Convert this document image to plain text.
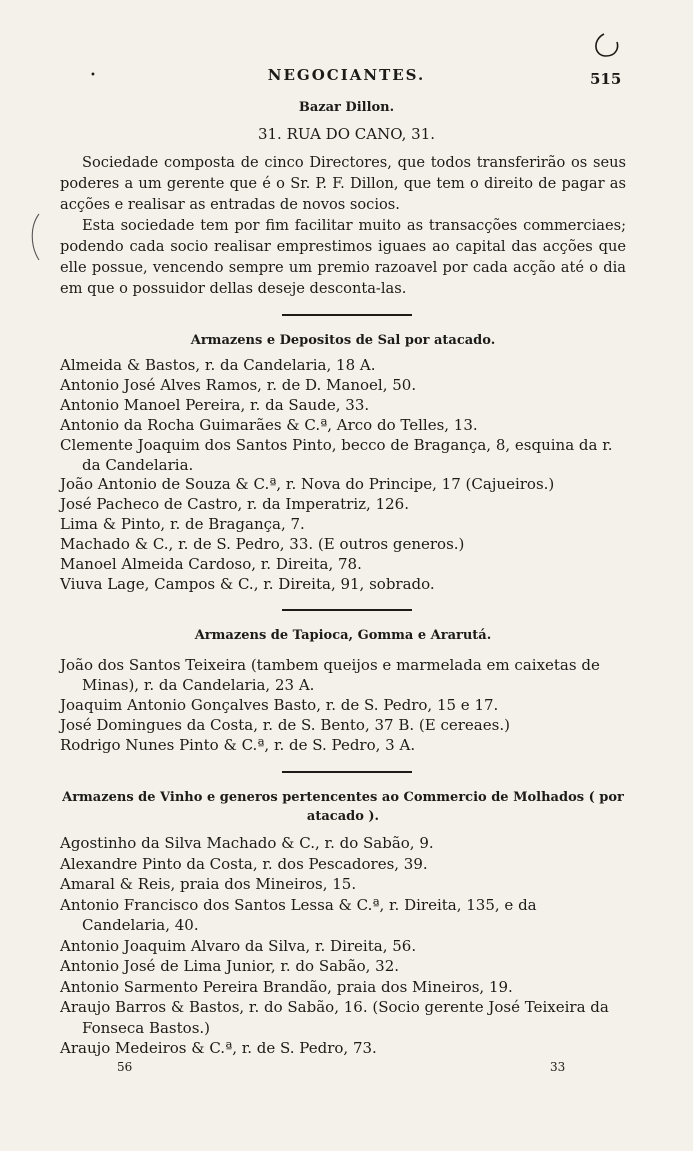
•	NEGOCIANTES.	515
Bazar Dillon.
31. RUA DO CANO, 31.

Sociedade composta de cinco Directores, que todos transferirão os seus poderes a um gerente que é o Sr. P. F. Dillon, que tem o direito de pagar as acções e realisar as entradas de novos socios.

Esta sociedade tem por fim facilitar muito as transacções commerciaes; podendo cada socio realisar emprestimos iguaes ao capital das acções que elle possue, vencendo sempre um premio razoavel por cada acção até o dia em que o possuidor dellas deseje desconta-las.

Armazens e Depositos de Sal por atacado.
Almeida & Bastos, r. da Candelaria, 18 A.
Antonio José Alves Ramos, r. de D. Manoel, 50.
Antonio Manoel Pereira, r. da Saude, 33.
Antonio da Rocha Guimarães & C.ª, Arco do Telles, 13.
Clemente Joaquim dos Santos Pinto, becco de Bragança, 8, esquina da r. da Candelaria.
João Antonio de Souza & C.ª, r. Nova do Principe, 17 (Cajueiros.)
José Pacheco de Castro, r. da Imperatriz, 126.
Lima & Pinto, r. de Bragança, 7.
Machado & C., r. de S. Pedro, 33. (E outros generos.)
Manoel Almeida Cardoso, r. Direita, 78.
Viuva Lage, Campos & C., r. Direita, 91, sobrado.
Armazens de Tapioca, Gomma e Ararutá.
João dos Santos Teixeira (tambem queijos e marmelada em caixetas de Minas), r. da Candelaria, 23 A.
Joaquim Antonio Gonçalves Basto, r. de S. Pedro, 15 e 17.
José Domingues da Costa, r. de S. Bento, 37 B. (E cereaes.)
Rodrigo Nunes Pinto & C.ª, r. de S. Pedro, 3 A.
Armazens de Vinho e generos pertencentes ao Commercio de Molhados ( por atacado ).
Agostinho da Silva Machado & C., r. do Sabão, 9.
Alexandre Pinto da Costa, r. dos Pescadores, 39.
Amaral & Reis, praia dos Mineiros, 15.
Antonio Francisco dos Santos Lessa & C.ª, r. Direita, 135, e da Candelaria, 40.
Antonio Joaquim Alvaro da Silva, r. Direita, 56.
Antonio José de Lima Junior, r. do Sabão, 32.
Antonio Sarmento Pereira Brandão, praia dos Mineiros, 19.
Araujo Barros & Bastos, r. do Sabão, 16. (Socio gerente José Teixeira da Fonseca Bastos.)
Araujo Medeiros & C.ª, r. de S. Pedro, 73.
56	33
